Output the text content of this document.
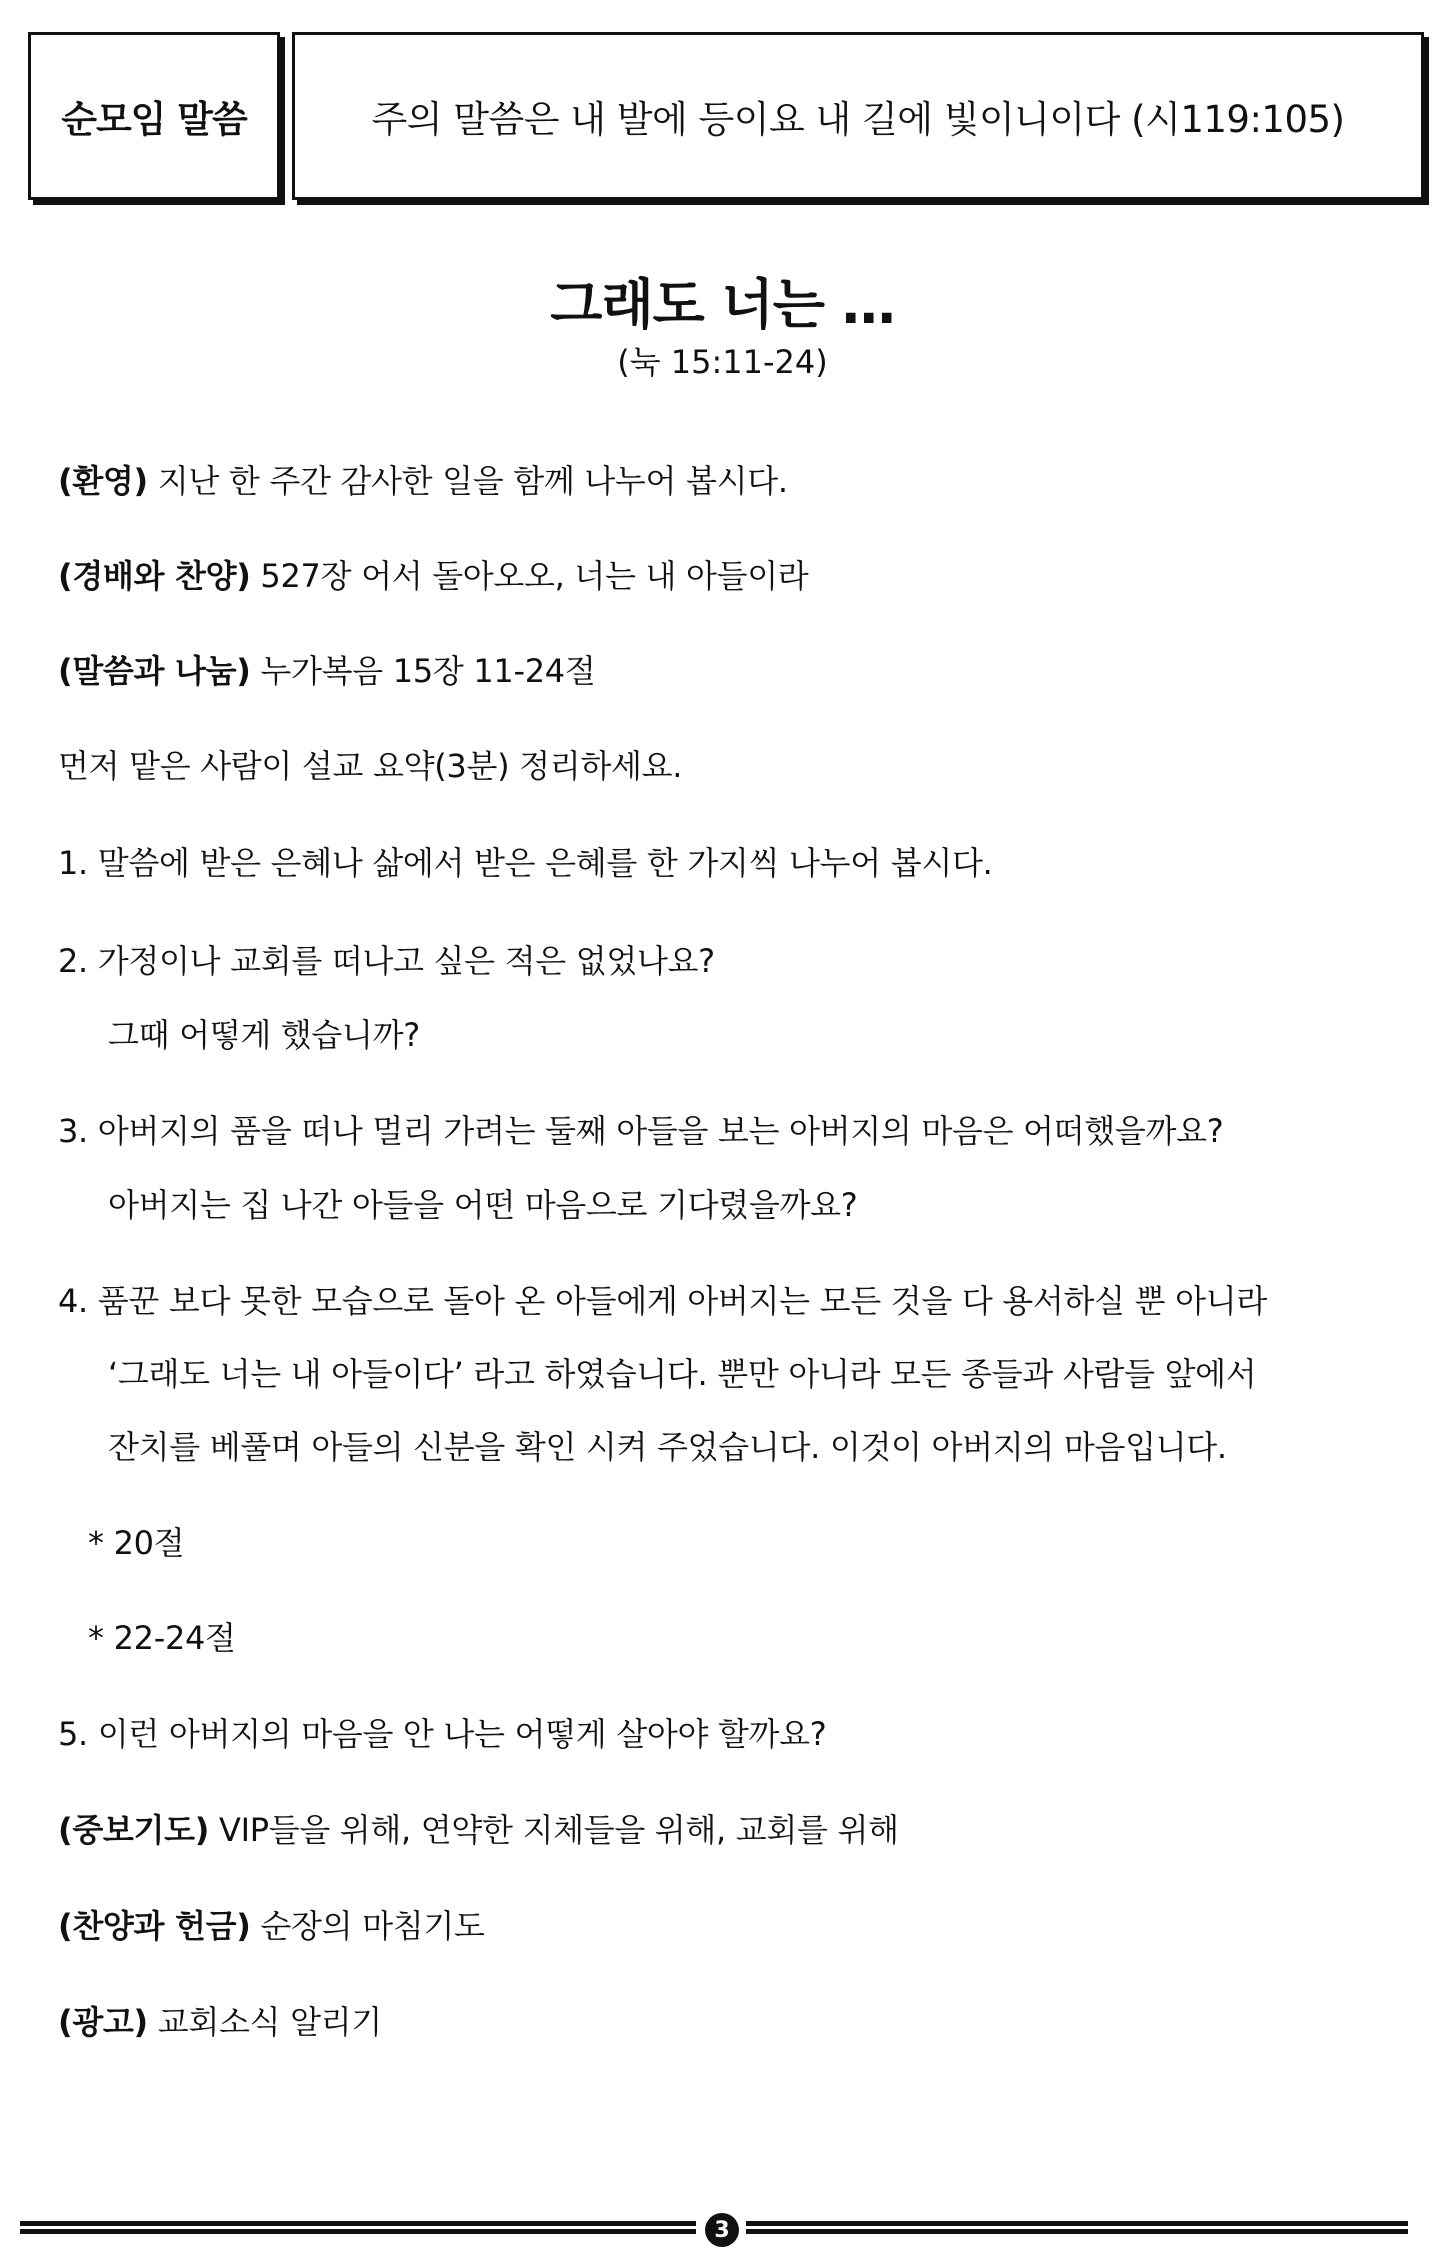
순모임 말씀	주의 말씀은 내 발에 등이요 내 길에 빛이니이다 (시119:105)
그래도 너는 …
(눅 15:11-24)
(환영) 지난 한 주간 감사한 일을 함께 나누어 봅시다.
(경배와 찬양) 527장 어서 돌아오오, 너는 내 아들이라
(말씀과 나눔) 누가복음 15장 11-24절
먼저 맡은 사람이 설교 요약(3분) 정리하세요.
1. 말씀에 받은 은혜나 삶에서 받은 은혜를 한 가지씩 나누어 봅시다.
2. 가정이나 교회를 떠나고 싶은 적은 없었나요?
그때 어떻게 했습니까?
3. 아버지의 품을 떠나 멀리 가려는 둘째 아들을 보는 아버지의 마음은 어떠했을까요?
아버지는 집 나간 아들을 어떤 마음으로 기다렸을까요?
4. 품꾼 보다 못한 모습으로 돌아 온 아들에게 아버지는 모든 것을 다 용서하실 뿐 아니라
‘그래도 너는 내 아들이다’ 라고 하였습니다. 뿐만 아니라 모든 종들과 사람들 앞에서
잔치를 베풀며 아들의 신분을 확인 시켜 주었습니다. 이것이 아버지의 마음입니다.
* 20절
* 22-24절
5. 이런 아버지의 마음을 안 나는 어떻게 살아야 할까요?
(중보기도) VIP들을 위해, 연약한 지체들을 위해, 교회를 위해
(찬양과 헌금) 순장의 마침기도
(광고) 교회소식 알리기
3
